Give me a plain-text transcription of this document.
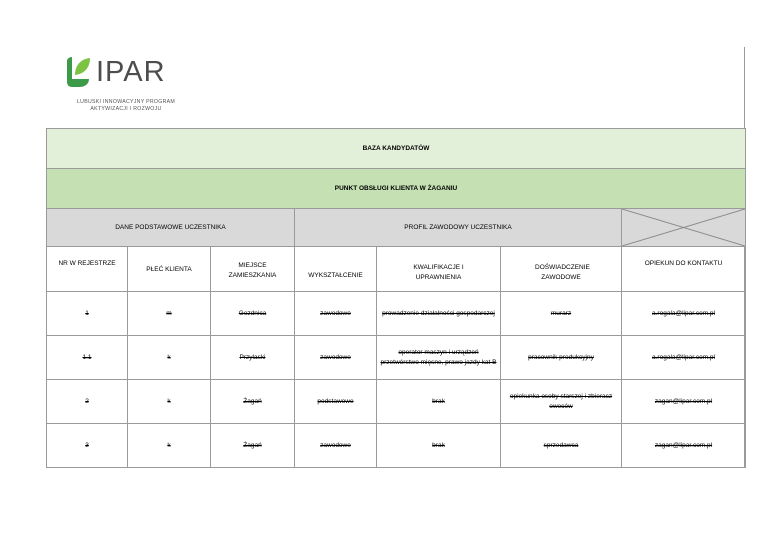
IPAR
LUBUSKI INNOWACYJNY PROGRAM AKTYWIZACJI I ROZWOJU
BAZA KANDYDATÓW						
PUNKT OBSŁUGI KLIENTA W ŻAGANIU						
DANE PODSTAWOWE UCZESTNIKA			PROFIL ZAWODOWY UCZESTNIKA	

NR W REJESTRZE	PŁEĆ KLIENTA	MIEJSCE ZAMIESZKANIA	WYKSZTAŁCENIE	KWALIFIKACJE I UPRAWNIENIA	DOŚWIADCZENIE ZAWODOWE	OPIEKUN DO KONTAKTU
1	m	Gozdnica	zawodowe	prowadzenie działalności gospodarczej	murarz	a.rogala@lipar.com.pl
1.1	k	Przylaski	zawodowe	operator maszyn i urządzeń przetwórstwo mięsne, prawo jazdy kat B	pracownik produkcyjny	a.rogala@lipar.com.pl
2	k	Żagań	podstawowe	brak	opiekunka osoby starszej i zbieracz owoców	zagan@lipar.com.pl
3	k	Żagań	zawodowe	brak	sprzedawca	zagan@lipar.com.pl
